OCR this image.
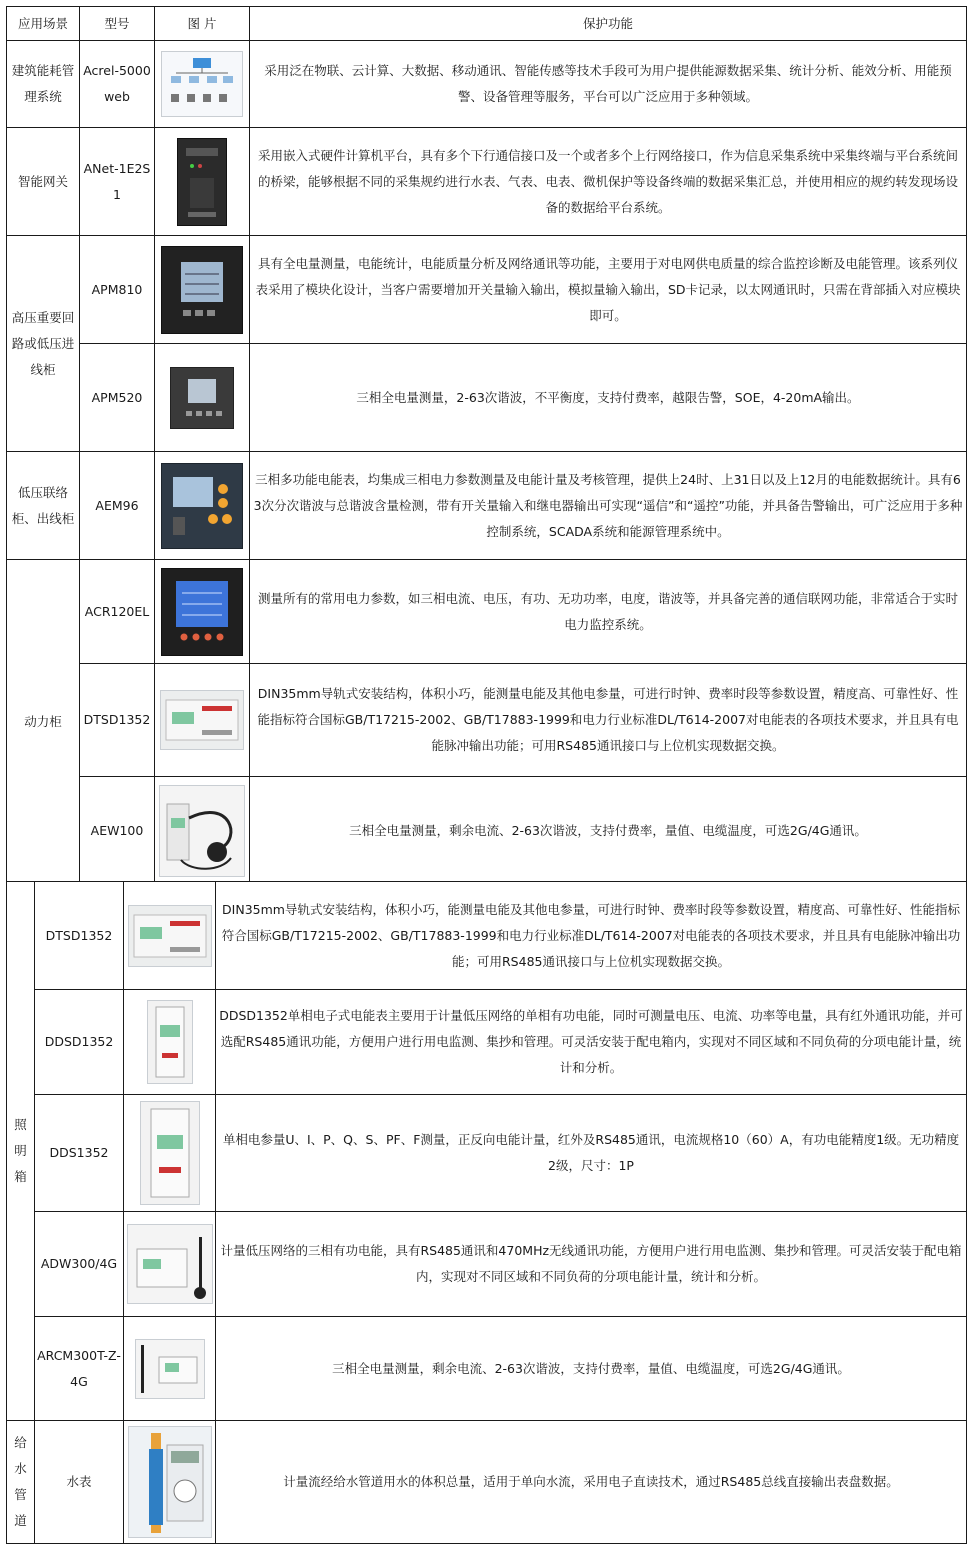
应用场景	型号	图 片	保护功能
建筑能耗管理系统	Acrel-5000web		采用泛在物联、云计算、大数据、移动通讯、智能传感等技术手段可为用户提供能源数据采集、统计分析、能效分析、用能预警、设备管理等服务，平台可以广泛应用于多种领域。
智能网关	ANet-1E2S1		采用嵌入式硬件计算机平台，具有多个下行通信接口及一个或者多个上行网络接口，作为信息采集系统中采集终端与平台系统间的桥梁，能够根据不同的采集规约进行水表、气表、电表、微机保护等设备终端的数据采集汇总，并使用相应的规约转发现场设备的数据给平台系统。
高压重要回路或低压进线柜	APM810		具有全电量测量，电能统计，电能质量分析及网络通讯等功能，主要用于对电网供电质量的综合监控诊断及电能管理。该系列仪表采用了模块化设计，当客户需要增加开关量输入输出，模拟量输入输出，SD卡记录，以太网通讯时，只需在背部插入对应模块即可。
	APM520		三相全电量测量，2-63次谐波，不平衡度，支持付费率，越限告警，SOE，4-20mA输出。
低压联络柜、出线柜	AEM96		三相多功能电能表，均集成三相电力参数测量及电能计量及考核管理，提供上24时、上31日以及上12月的电能数据统计。具有63次分次谐波与总谐波含量检测，带有开关量输入和继电器输出可实现“遥信”和“遥控”功能，并具备告警输出，可广泛应用于多种控制系统，SCADA系统和能源管理系统中。
动力柜	ACR120EL		测量所有的常用电力参数，如三相电流、电压，有功、无功功率，电度，谐波等，并具备完善的通信联网功能，非常适合于实时电力监控系统。
	DTSD1352		DIN35mm导轨式安装结构，体积小巧，能测量电能及其他电参量，可进行时钟、费率时段等参数设置，精度高、可靠性好、性能指标符合国标GB/T17215-2002、GB/T17883-1999和电力行业标准DL/T614-2007对电能表的各项技术要求，并且具有电能脉冲输出功能；可用RS485通讯接口与上位机实现数据交换。
	AEW100		三相全电量测量，剩余电流、2-63次谐波，支持付费率，量值、电缆温度，可选2G/4G通讯。
照明箱	DTSD1352		DIN35mm导轨式安装结构，体积小巧，能测量电能及其他电参量，可进行时钟、费率时段等参数设置，精度高、可靠性好、性能指标符合国标GB/T17215-2002、GB/T17883-1999和电力行业标准DL/T614-2007对电能表的各项技术要求，并且具有电能脉冲输出功能；可用RS485通讯接口与上位机实现数据交换。
	DDSD1352		DDSD1352单相电子式电能表主要用于计量低压网络的单相有功电能，同时可测量电压、电流、功率等电量，具有红外通讯功能，并可选配RS485通讯功能，方便用户进行用电监测、集抄和管理。可灵活安装于配电箱内，实现对不同区域和不同负荷的分项电能计量，统计和分析。
	DDS1352		单相电参量U、I、P、Q、S、PF、F测量，正反向电能计量，红外及RS485通讯，电流规格10（60）A，有功电能精度1级。无功精度2级，尺寸：1P
	ADW300/4G		计量低压网络的三相有功电能，具有RS485通讯和470MHz无线通讯功能，方便用户进行用电监测、集抄和管理。可灵活安装于配电箱内，实现对不同区域和不同负荷的分项电能计量，统计和分析。
	ARCM300T-Z-4G		三相全电量测量，剩余电流、2-63次谐波，支持付费率，量值、电缆温度，可选2G/4G通讯。
给水管道	水表		计量流经给水管道用水的体积总量，适用于单向水流，采用电子直读技术，通过RS485总线直接输出表盘数据。
